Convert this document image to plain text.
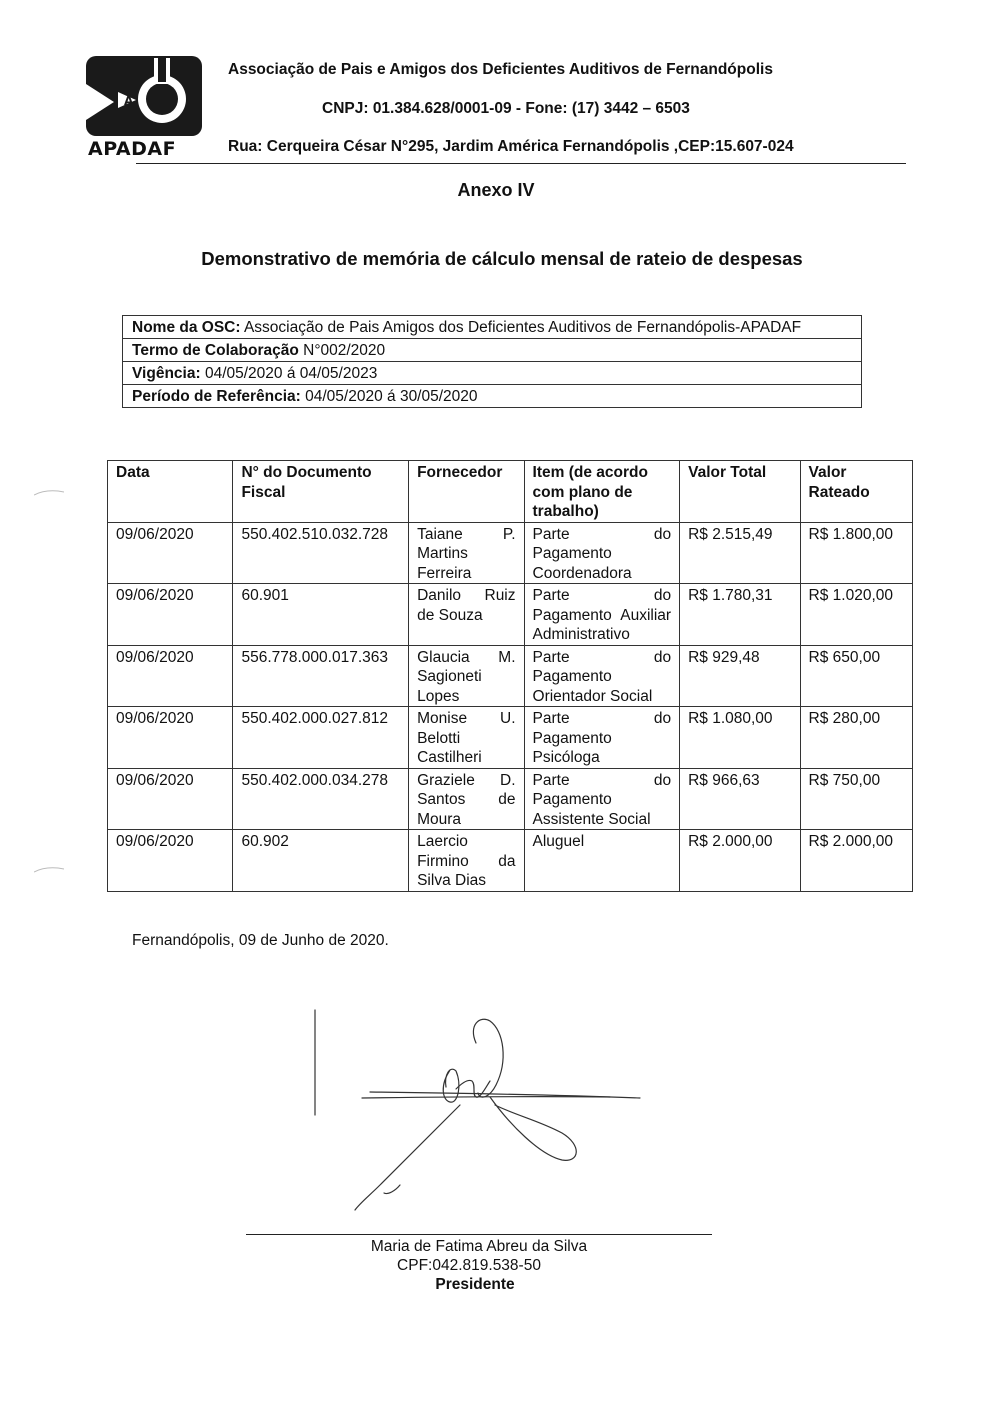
A
APADAF
Associação de Pais e Amigos dos Deficientes Auditivos de Fernandópolis
CNPJ: 01.384.628/0001-09 - Fone: (17) 3442 – 6503
Rua: Cerqueira César N°295, Jardim América Fernandópolis ,CEP:15.607-024
Anexo IV
Demonstrativo de memória de cálculo mensal de rateio de despesas
Nome da OSC: Associação de Pais Amigos dos Deficientes Auditivos de Fernandópolis-APADAF
Termo de Colaboração N°002/2020
Vigência: 04/05/2020 á 04/05/2023
Período de Referência: 04/05/2020 á 30/05/2020
Data	N° do Documento Fiscal	Fornecedor	Item (de acordo com plano de trabalho)	Valor Total	Valor Rateado
09/06/2020	550.402.510.032.728	Taiane P. Martins Ferreira	Parte do Pagamento Coordenadora	R$ 2.515,49	R$ 1.800,00
09/06/2020	60.901	Danilo Ruiz de Souza	Parte do Pagamento Auxiliar Administrativo	R$ 1.780,31	R$ 1.020,00
09/06/2020	556.778.000.017.363	Glaucia M. Sagioneti Lopes	Parte do Pagamento Orientador Social	R$ 929,48	R$ 650,00
09/06/2020	550.402.000.027.812	Monise U. Belotti Castilheri	Parte do Pagamento Psicóloga	R$ 1.080,00	R$ 280,00
09/06/2020	550.402.000.034.278	Graziele D. Santos de Moura	Parte do Pagamento Assistente Social	R$ 966,63	R$ 750,00
09/06/2020	60.902	Laercio Firmino da Silva Dias	Aluguel	R$ 2.000,00	R$ 2.000,00
Fernandópolis, 09 de Junho de 2020.
Maria de Fatima Abreu da Silva
CPF:042.819.538-50
Presidente
